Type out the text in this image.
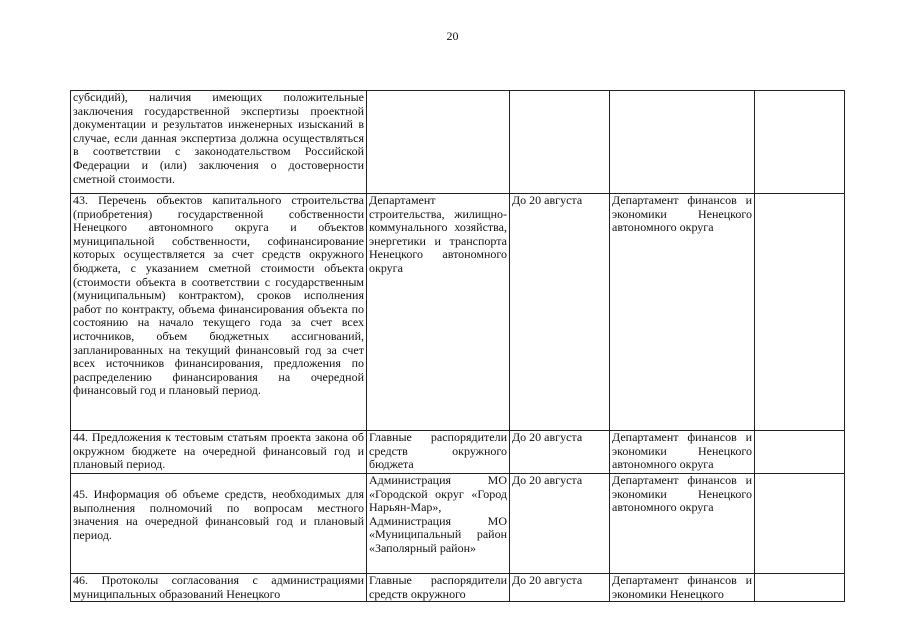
20
субсидий), наличия имеющих положительные заключения государственной экспертизы проектной документации и результатов инженерных изысканий в случае, если данная экспертиза должна осуществляться в соответствии с законодательством Российской Федерации и (или) заключения о достоверности сметной стоимости.				
43. Перечень объектов капитального строительства (приобретения) государственной собственности Ненецкого автономного округа и объектов муниципальной собственности, софинансирование которых осуществляется за счет средств окружного бюджета, с указанием сметной стоимости объекта (стоимости объекта в соответствии с государственным (муниципальным) контрактом), сроков исполнения работ по контракту, объема финансирования объекта по состоянию на начало текущего года за счет всех источников, объем бюджетных ассигнований, запланированных на текущий финансовый год за счет всех источников финансирования, предложения по распределению финансирования на очередной финансовый год и плановый период.	Департамент строительства, жилищно-коммунального хозяйства, энергетики и транспорта Ненецкого автономного округа	До 20 августа	Департамент финансов и экономики Ненецкого автономного округа	
44. Предложения к тестовым статьям проекта закона об окружном бюджете на очередной финансовый год и плановый период.	Главные распорядители средств окружного бюджета	До 20 августа	Департамент финансов и экономики Ненецкого автономного округа	
45. Информация об объеме средств, необходимых для выполнения полномочий по вопросам местного значения на очередной финансовый год и плановый период.	Администрация МО «Городской округ «Город Нарьян-Мар», Администрация МО «Муниципальный район «Заполярный район»	До 20 августа	Департамент финансов и экономики Ненецкого автономного округа	
46. Протоколы согласования с администрациями муниципальных образований Ненецкого	Главные распорядители средств окружного	До 20 августа	Департамент финансов и экономики Ненецкого	
